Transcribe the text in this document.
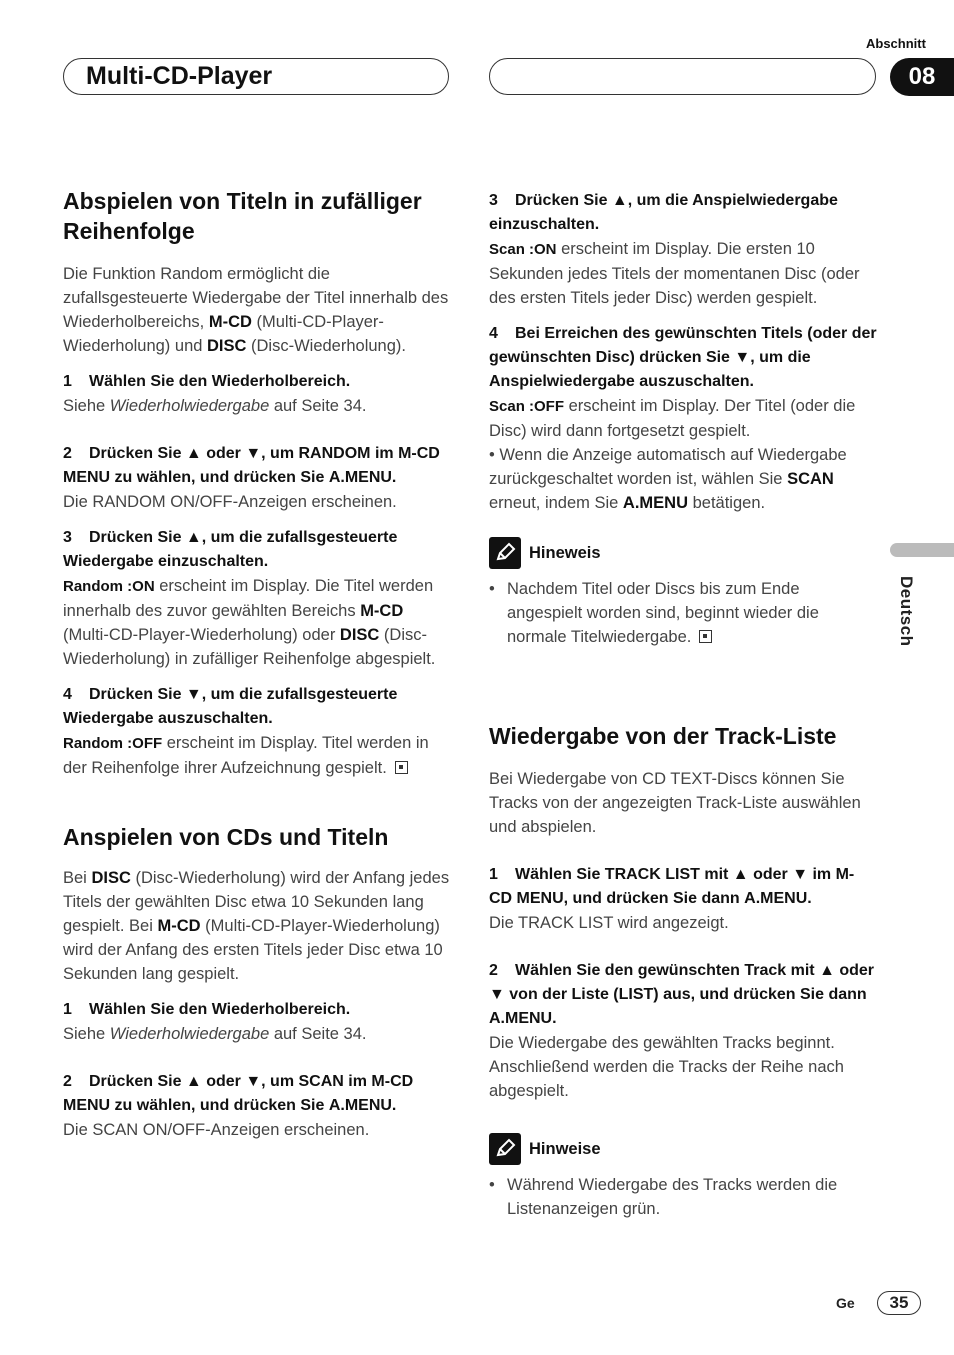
Abschnitt
Multi-CD-Player	08
Deutsch
Abspielen von Titeln in zufälliger Reihenfolge

Die Funktion Random ermöglicht die zufallsgesteuerte Wiedergabe der Titel innerhalb des Wiederholbereichs, M-CD (Multi-CD-Player-Wiederholung) und DISC (Disc-Wiederholung).

1 Wählen Sie den Wiederholbereich.

Siehe Wiederholwiedergabe auf Seite 34.

2 Drücken Sie ▲ oder ▼, um RANDOM im M-CD MENU zu wählen, und drücken Sie A.MENU.

Die RANDOM ON/OFF-Anzeigen erscheinen.

3 Drücken Sie ▲, um die zufallsgesteuerte Wiedergabe einzuschalten.

Random :ON erscheint im Display. Die Titel werden innerhalb des zuvor gewählten Bereichs M-CD (Multi-CD-Player-Wiederholung) oder DISC (Disc-Wiederholung) in zufälliger Reihenfolge abgespielt.

4 Drücken Sie ▼, um die zufallsgesteuerte Wiedergabe auszuschalten.

Random :OFF erscheint im Display. Titel werden in der Reihenfolge ihrer Aufzeichnung gespielt.

Anspielen von CDs und Titeln

Bei DISC (Disc-Wiederholung) wird der Anfang jedes Titels der gewählten Disc etwa 10 Sekunden lang gespielt. Bei M-CD (Multi-CD-Player-Wiederholung) wird der Anfang des ersten Titels jeder Disc etwa 10 Sekunden lang gespielt.

1 Wählen Sie den Wiederholbereich.

Siehe Wiederholwiedergabe auf Seite 34.

2 Drücken Sie ▲ oder ▼, um SCAN im M-CD MENU zu wählen, und drücken Sie A.MENU.

Die SCAN ON/OFF-Anzeigen erscheinen.

3 Drücken Sie ▲, um die Anspielwiedergabe einzuschalten.

Scan :ON erscheint im Display. Die ersten 10 Sekunden jedes Titels der momentanen Disc (oder des ersten Titels jeder Disc) werden gespielt.

4 Bei Erreichen des gewünschten Titels (oder der gewünschten Disc) drücken Sie ▼, um die Anspielwiedergabe auszuschalten.

Scan :OFF erscheint im Display. Der Titel (oder die Disc) wird dann fortgesetzt gespielt.

• Wenn die Anzeige automatisch auf Wiedergabe zurückgeschaltet worden ist, wählen Sie SCAN erneut, indem Sie A.MENU betätigen.

Hineweis
• Nachdem Titel oder Discs bis zum Ende angespielt worden sind, beginnt wieder die normale Titelwiedergabe.
Wiedergabe von der Track-Liste

Bei Wiedergabe von CD TEXT-Discs können Sie Tracks von der angezeigten Track-Liste auswählen und abspielen.

1 Wählen Sie TRACK LIST mit ▲ oder ▼ im M-CD MENU, und drücken Sie dann A.MENU.

Die TRACK LIST wird angezeigt.

2 Wählen Sie den gewünschten Track mit ▲ oder ▼ von der Liste (LIST) aus, und drücken Sie dann A.MENU.

Die Wiedergabe des gewählten Tracks beginnt. Anschließend werden die Tracks der Reihe nach abgespielt.

Hinweise
• Während Wiedergabe des Tracks werden die Listenanzeigen grün.
Ge	35
